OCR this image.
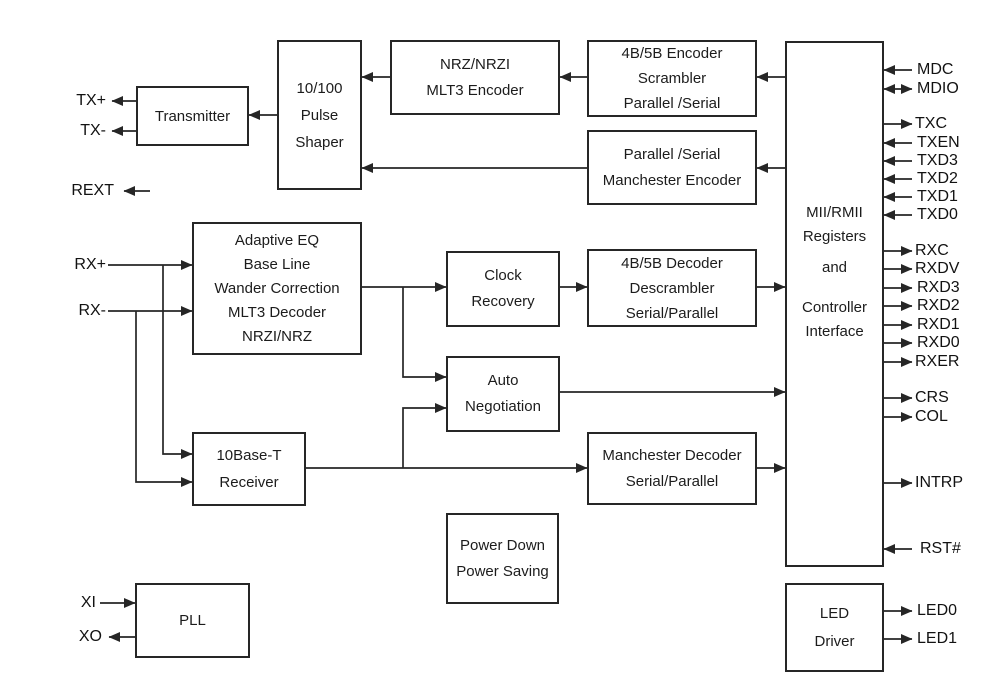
Transmitter
10/100
Pulse
Shaper
NRZ/NRZI
MLT3 Encoder
4B/5B Encoder
Scrambler
Parallel /Serial
Parallel /Serial
Manchester Encoder
MII/RMII
Registers
and
Controller
Interface
Adaptive EQ
Base Line
Wander Correction
MLT3 Decoder
NRZI/NRZ
Clock
Recovery
4B/5B Decoder
Descrambler
Serial/Parallel
Auto
Negotiation
10Base-T
Receiver
Manchester Decoder
Serial/Parallel
Power Down
Power Saving
PLL	LED
Driver
TX+
TX-
REXT
RX+
RX-
XI
XO
MDC
MDIO
TXC
TXEN
TXD3
TXD2
TXD1
TXD0
RXC
RXDV
RXD3
RXD2
RXD1
RXD0
RXER
CRS
COL
INTRP
RST#
LED0
LED1
